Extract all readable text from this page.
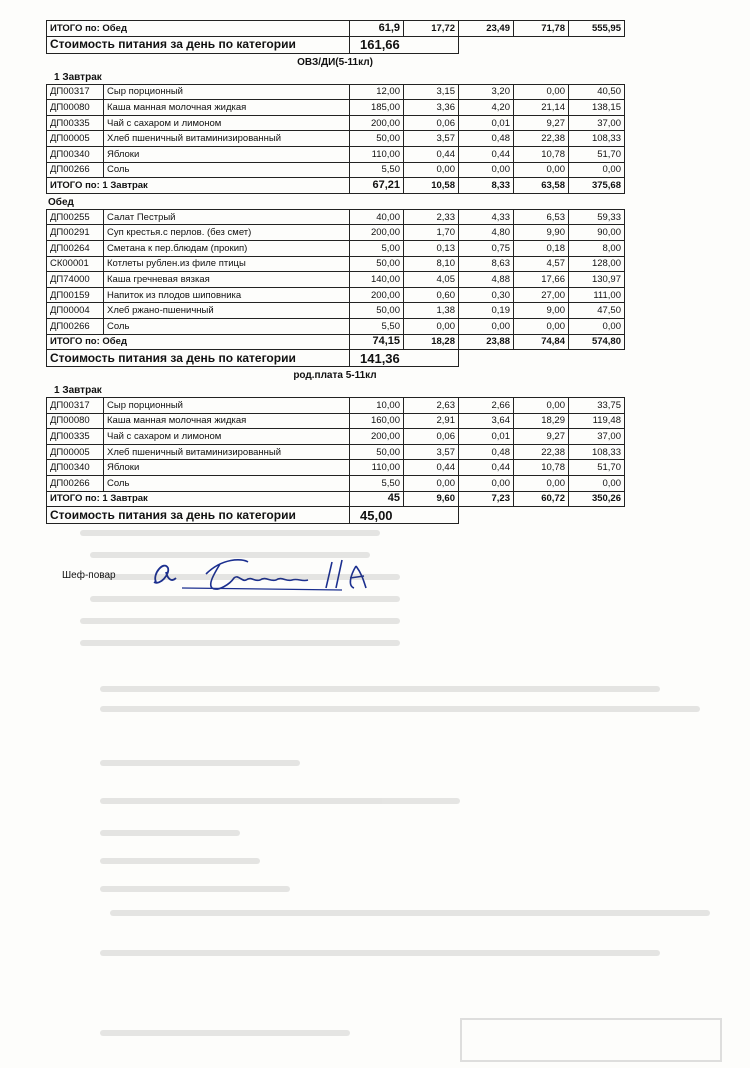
ИТОГО по: Обед	61,9	17,72	23,49	71,78	555,95
Стоимость питания за день по категории	161,66				
ОВЗ/ДИ(5-11кл)
1 Завтрак
ДП00317	Сыр порционный	12,00	3,15	3,20	0,00	40,50
ДП00080	Каша манная молочная жидкая	185,00	3,36	4,20	21,14	138,15
ДП00335	Чай с сахаром и лимоном	200,00	0,06	0,01	9,27	37,00
ДП00005	Хлеб пшеничный витаминизированный	50,00	3,57	0,48	22,38	108,33
ДП00340	Яблоки	110,00	0,44	0,44	10,78	51,70
ДП00266	Соль	5,50	0,00	0,00	0,00	0,00
ИТОГО по: 1 Завтрак		67,21	10,58	8,33	63,58	375,68
Обед
ДП00255	Салат Пестрый	40,00	2,33	4,33	6,53	59,33
ДП00291	Суп крестья.с перлов. (без смет)	200,00	1,70	4,80	9,90	90,00
ДП00264	Сметана к пер.блюдам (прокип)	5,00	0,13	0,75	0,18	8,00
СК00001	Котлеты рублен.из филе птицы	50,00	8,10	8,63	4,57	128,00
ДП74000	Каша гречневая вязкая	140,00	4,05	4,88	17,66	130,97
ДП00159	Напиток из плодов шиповника	200,00	0,60	0,30	27,00	111,00
ДП00004	Хлеб ржано-пшеничный	50,00	1,38	0,19	9,00	47,50
ДП00266	Соль	5,50	0,00	0,00	0,00	0,00
ИТОГО по: Обед		74,15	18,28	23,88	74,84	574,80
Стоимость питания за день по категории		141,36				
род.плата 5-11кл
1 Завтрак
ДП00317	Сыр порционный	10,00	2,63	2,66	0,00	33,75
ДП00080	Каша манная молочная жидкая	160,00	2,91	3,64	18,29	119,48
ДП00335	Чай с сахаром и лимоном	200,00	0,06	0,01	9,27	37,00
ДП00005	Хлеб пшеничный витаминизированный	50,00	3,57	0,48	22,38	108,33
ДП00340	Яблоки	110,00	0,44	0,44	10,78	51,70
ДП00266	Соль	5,50	0,00	0,00	0,00	0,00
ИТОГО по: 1 Завтрак		45	9,60	7,23	60,72	350,26
Стоимость питания за день по категории		45,00				
Шеф-повар
